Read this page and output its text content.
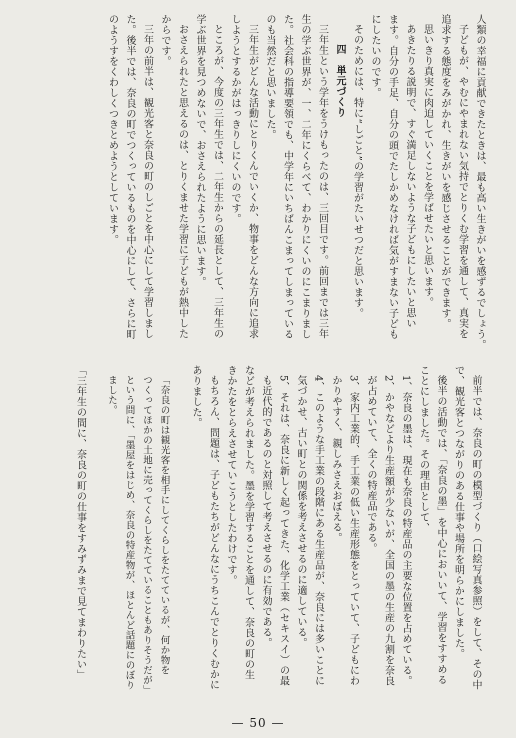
人類の幸福に貢献できたときは、最も高い生きがいを感ずるでしょう。

子どもが、やむにやまれない気持でとりくむ学習を通して、真実を

追求する態度をみがかれ、生きがいを感じさせることができます。

思いきり真実に肉迫していくことを学ばせたいと思います。

あきたりる説明で、すぐ満足しないような子どもにしたいと思い

ます。自分の手足、自分の頭でたしかめなければ気がすまない子ども

にしたいのです。

そのためには、特に“しごと”の学習がたいせつだと思います。

四　単元づくり

三年生という学年をうけもったのは、三回目です。前回までは三年

生の学ぶ世界が、一、二年にくらべて、わかりにくいのにこまりまし

た。社会科の指導要領でも、中学年にいちばんこまってしまっている

のも当然だと思いました。

三年生がどんな活動にとりくんでいくか、物事をどんな方向に追求

しようとするかがはっきりしにくいのです。

ところが、今度の三年生では、二年生からの延長として、三年生の

学ぶ世界を見つめないで、おさえられたように思います。

おさえられたと思えるのは、とりくませた学習に子どもが熱中した

からです。

三年の前半は、観光客と奈良の町のしごとを中心にして学習しまし

た。後半では、奈良の町でつくっているものを中心にして、さらに町

のようすをくわしくつきとめようとしています。

前半では、奈良の町の模型づくり（口絵写真参照）をして、その中

で、観光客とつながりのある仕事や場所を明らかにしました。

後半の活動では、「奈良の墨」を中心においいて、学習をすすめる

ことにしました。その理由として、

1、奈良の墨は、現在も奈良の特産品の主要な位置を占めている。

2、かやなどより生産額が少ないが、全国の墨の生産の九割を奈良

が占めていて、全くの特産品である。

3、家内工業的、手工業の低い生産形態をとっていて、子どもにわ

かりやすく、親しみさえおぼえる。

4、このような手工業の段階にある生産品が、奈良には多いことに

気づかせ、古い町との関係を考えさせるのに適している。

5、それは、奈良に新しく起ってきた、化学工業（セキスイ）の最

も近代的であるのと対照して考えさせるのに有効である。

などが考えられました。墨を学習することを通して、奈良の町の生

きかたをとらえさせていこうとしたわけです。

もちろん、問題は、子どもたちがどんなにうちこんでとりくむかに

ありました。

「奈良の町は観光客を相手にしてくらしをたてているが、何か物を

つくってほかの土地に売ってくらしをたてていることもありそうだが」

という問に、「墨屋をはじめ、奈良の特産物が、ほとんど話題にのぼり

ました。

「三年生の間に、奈良の町の仕事をすみずみまで見てまわりたい」

— 50 —
